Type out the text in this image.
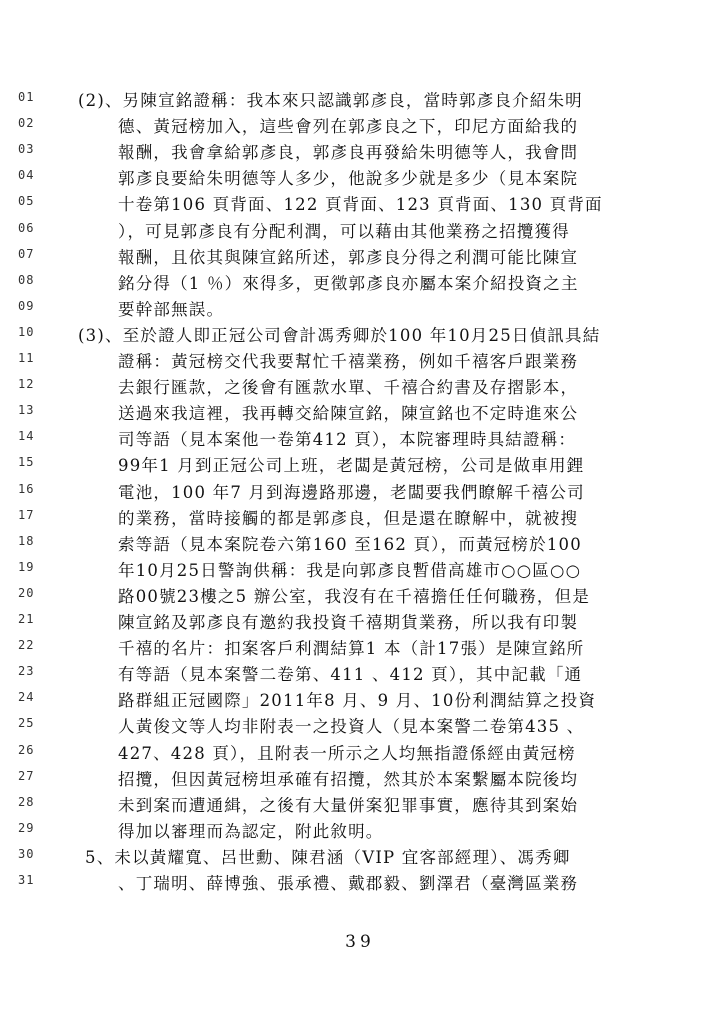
01	(2)、另陳宣銘證稱：我本來只認識郭彥良，當時郭彥良介紹朱明
02	德、黃冠榜加入，這些會列在郭彥良之下，印尼方面給我的
03	報酬，我會拿給郭彥良，郭彥良再發給朱明德等人，我會問
04	郭彥良要給朱明德等人多少，他說多少就是多少（見本案院
05	十卷第106 頁背面、122 頁背面、123 頁背面、130 頁背面
06	），可見郭彥良有分配利潤，可以藉由其他業務之招攬獲得
07	報酬，且依其與陳宣銘所述，郭彥良分得之利潤可能比陳宣
08	銘分得（1 ％）來得多，更徵郭彥良亦屬本案介紹投資之主
09	要幹部無誤。
10	(3)、至於證人即正冠公司會計馮秀卿於100 年10月25日偵訊具結
11	證稱：黃冠榜交代我要幫忙千禧業務，例如千禧客戶跟業務
12	去銀行匯款，之後會有匯款水單、千禧合約書及存摺影本，
13	送過來我這裡，我再轉交給陳宣銘，陳宣銘也不定時進來公
14	司等語（見本案他一卷第412 頁），本院審理時具結證稱：
15	99年1 月到正冠公司上班，老闆是黃冠榜，公司是做車用鋰
16	電池，100 年7 月到海邊路那邊，老闆要我們瞭解千禧公司
17	的業務，當時接觸的都是郭彥良，但是還在瞭解中，就被搜
18	索等語（見本案院卷六第160 至162 頁），而黃冠榜於100
19	年10月25日警詢供稱：我是向郭彥良暫借高雄市○○區○○
20	路00號23樓之5 辦公室，我沒有在千禧擔任任何職務，但是
21	陳宣銘及郭彥良有邀約我投資千禧期貨業務，所以我有印製
22	千禧的名片：扣案客戶利潤結算1 本（計17張）是陳宣銘所
23	有等語（見本案警二卷第、411 、412 頁），其中記載「通
24	路群組正冠國際」2011年8 月、9 月、10份利潤結算之投資
25	人黃俊文等人均非附表一之投資人（見本案警二卷第435 、
26	427、428 頁），且附表一所示之人均無指證係經由黃冠榜
27	招攬，但因黃冠榜坦承確有招攬，然其於本案繫屬本院後均
28	未到案而遭通緝，之後有大量併案犯罪事實，應待其到案始
29	得加以審理而為認定，附此敘明。
30	5、未以黃耀寬、呂世勳、陳君涵（VIP 宜客部經理）、馮秀卿
31	、丁瑞明、薛博強、張承禮、戴郡毅、劉澤君（臺灣區業務
39
